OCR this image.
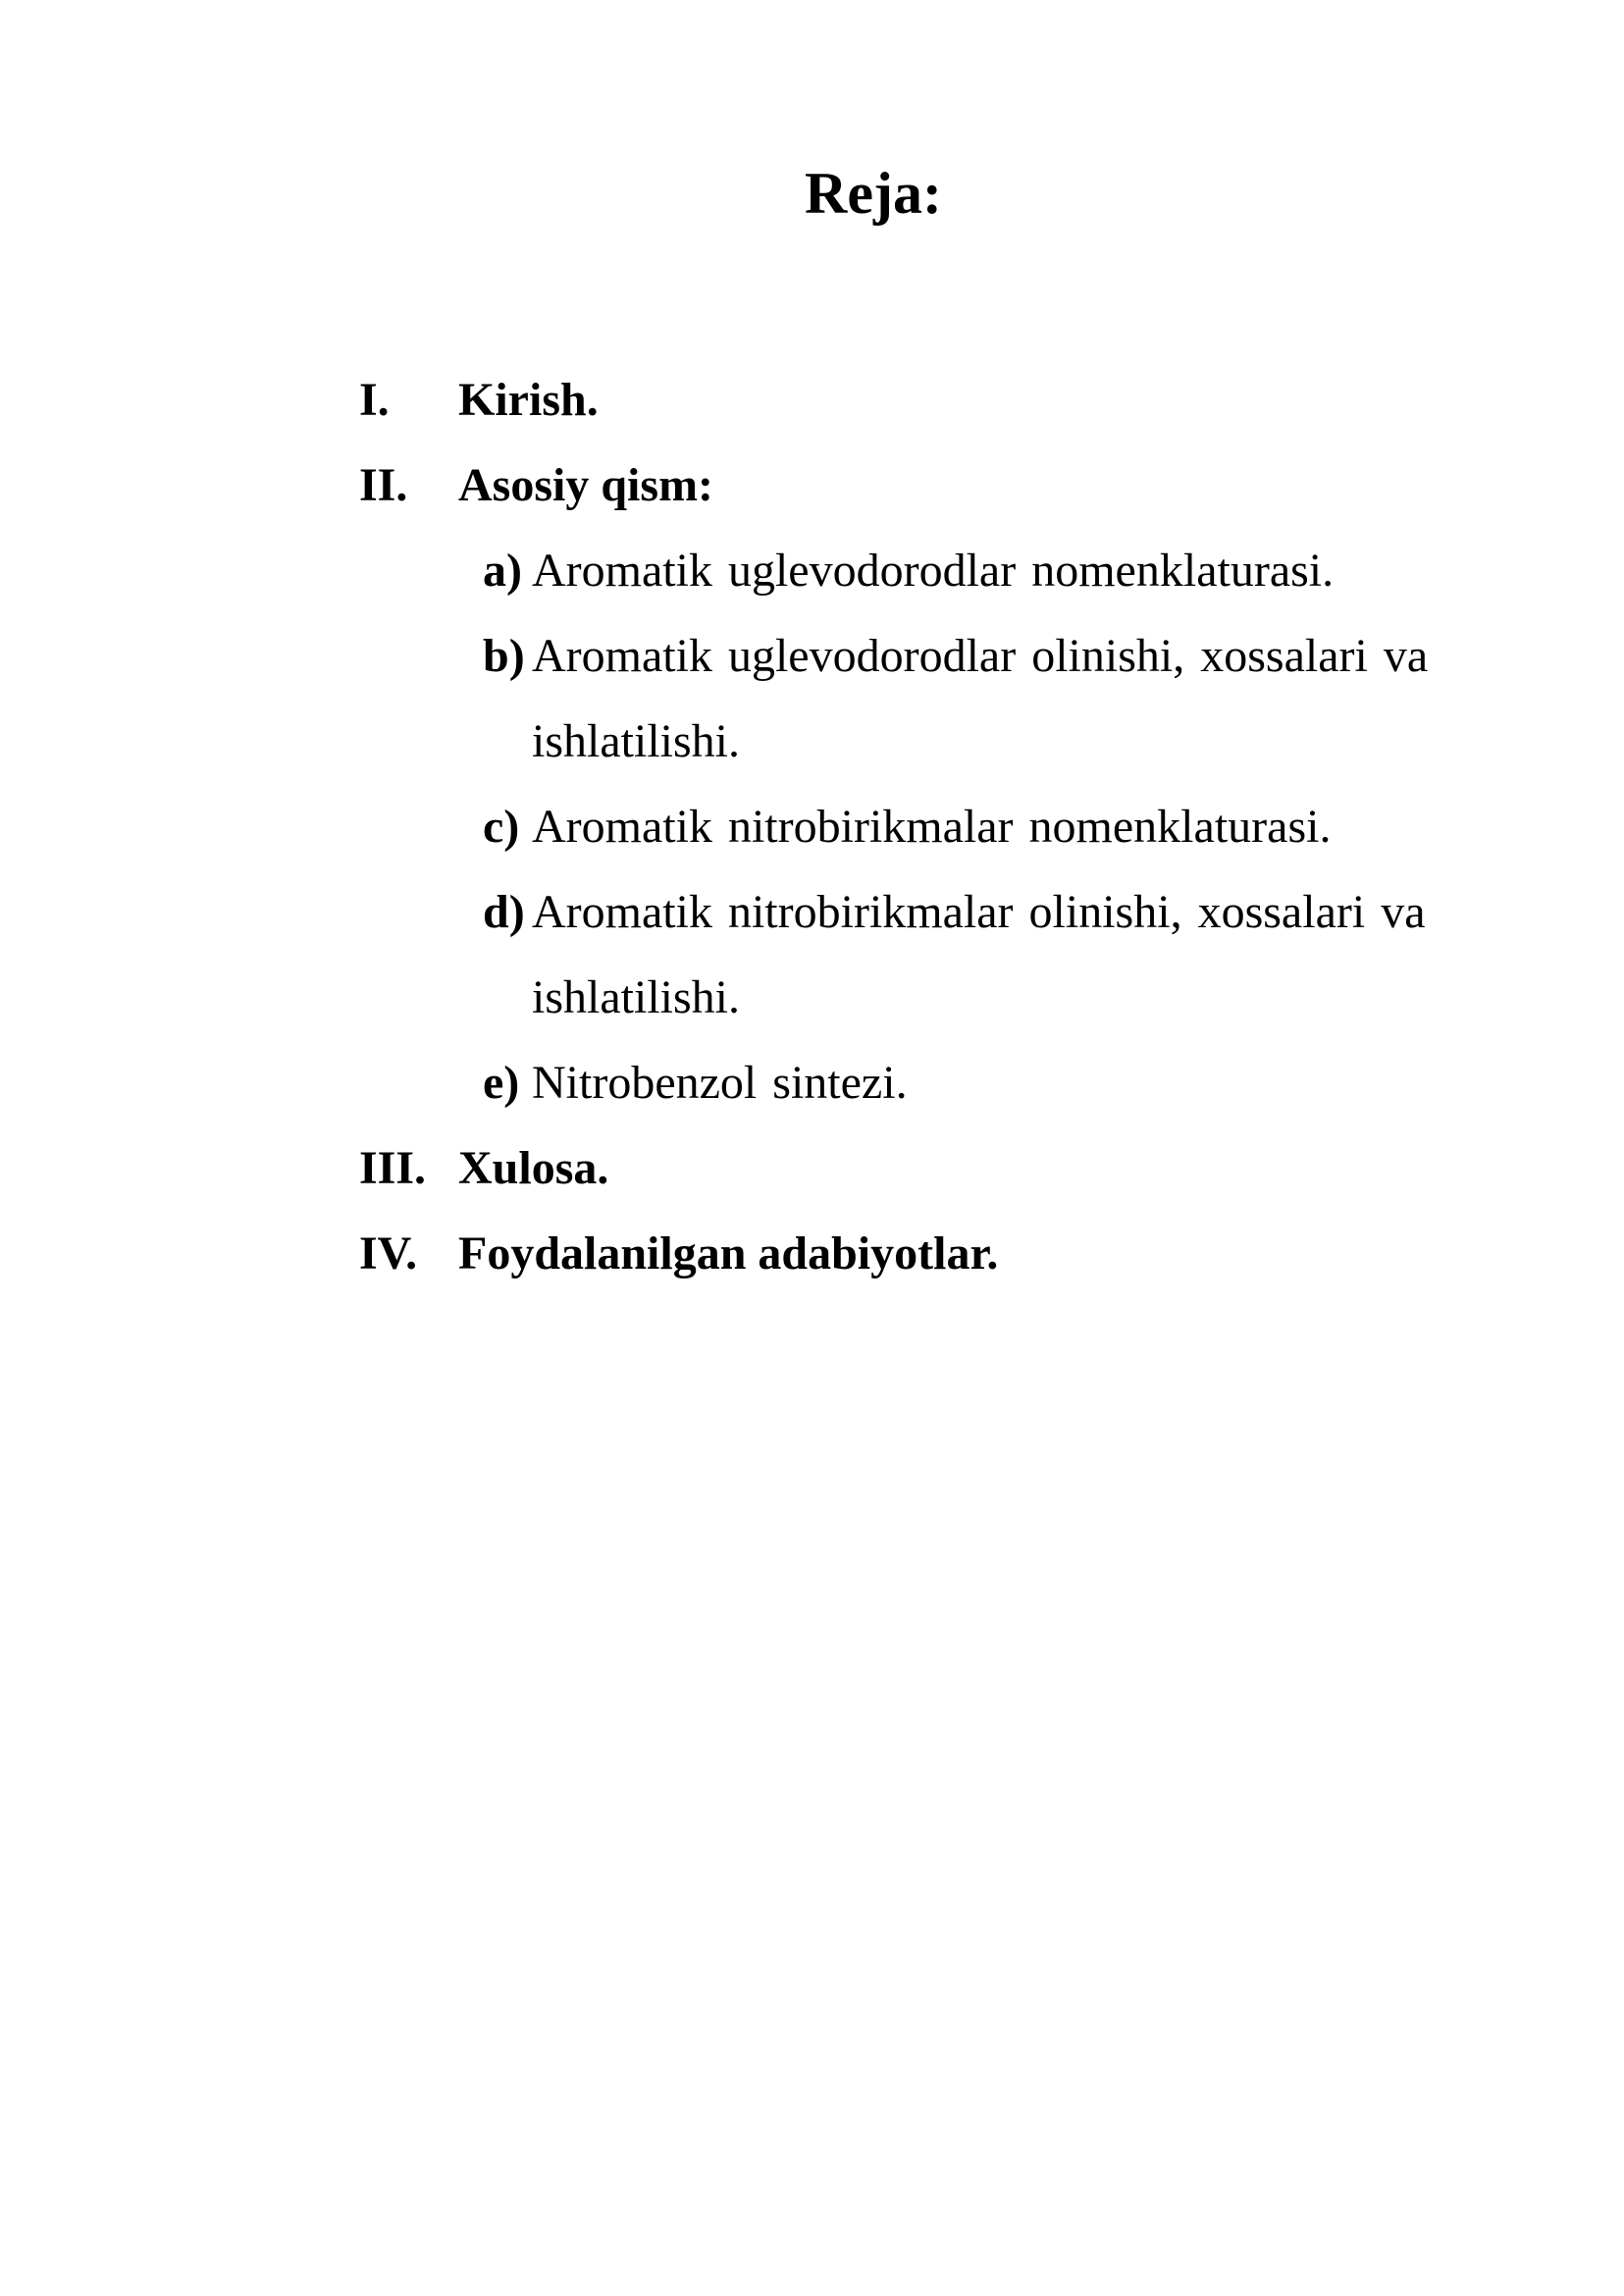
Reja:
I. Kirish.
II. Asosiy qism:
a) Aromatik uglevodorodlar nomenklaturasi.
b) Aromatik uglevodorodlar olinishi, xossalari va ishlatilishi.
c) Aromatik nitrobirikmalar nomenklaturasi.
d) Aromatik nitrobirikmalar olinishi, xossalari va ishlatilishi.
e) Nitrobenzol sintezi.
III. Xulosa.
IV. Foydalanilgan adabiyotlar.
